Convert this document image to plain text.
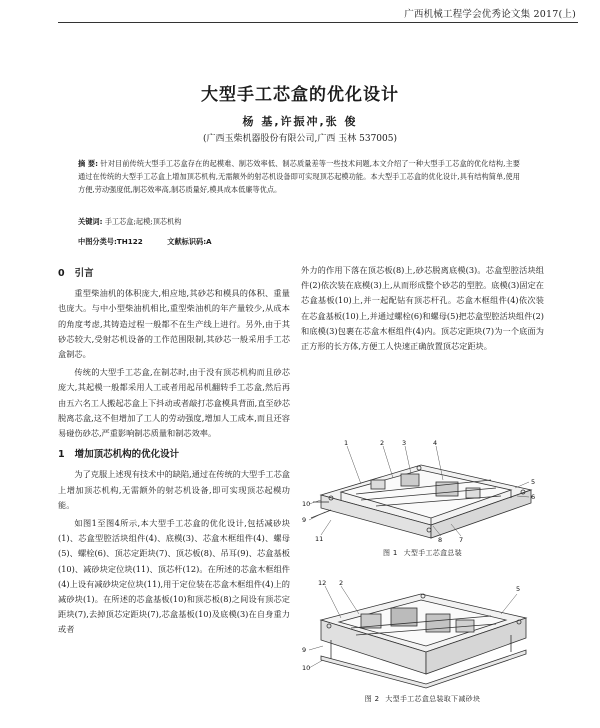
广西机械工程学会优秀论文集 2017(上)
大型手工芯盒的优化设计
杨 基,许振冲,张 俊
(广西玉柴机器股份有限公司,广西 玉林 537005)
摘 要: 针对目前传统大型手工芯盒存在的起模难、制芯效率低、制芯质量差等一些技术问题,本文介绍了一种大型手工芯盒的优化结构,主要通过在传统的大型手工芯盒上增加顶芯机构,无需额外的射芯机设备即可实现顶芯起模功能。本大型手工芯盒的优化设计,具有结构简单,使用方便,劳动强度低,制芯效率高,制芯质量好,模具成本低廉等优点。
关键词: 手工芯盒;起模;顶芯机构
中图分类号:TH122	文献标识码:A
0 引言

重型柴油机的体积庞大,相应地,其砂芯和模具的体积、重量也庞大。与中小型柴油机相比,重型柴油机的年产量较少,从成本的角度考虑,其铸造过程一般都不在生产线上进行。另外,由于其砂芯较大,受射芯机设备的工作范围限制,其砂芯一般采用手工芯盒制芯。

传统的大型手工芯盒,在制芯时,由于没有顶芯机构而且砂芯庞大,其起模一般都采用人工或者用起吊机翻转手工芯盒,然后再由五六名工人搬起芯盒上下抖动或者敲打芯盒模具背面,直至砂芯脱离芯盒,这不但增加了工人的劳动强度,增加人工成本,而且还容易碰伤砂芯,严重影响制芯质量和制芯效率。

1 增加顶芯机构的优化设计

为了克服上述现有技术中的缺陷,通过在传统的大型手工芯盒上增加顶芯机构,无需额外的射芯机设备,即可实现顶芯起模功能。

如图1至图4所示,本大型手工芯盒的优化设计,包括减砂块(1)、芯盒型腔活块组件(4)、底模(3)、芯盒木框组件(4)、螺母(5)、螺栓(6)、顶芯定距块(7)、顶芯板(8)、吊耳(9)、芯盒基板(10)、减砂块定位块(11)、顶芯杆(12)。在所述的芯盒木框组件(4)上设有减砂块定位块(11),用于定位装在芯盒木框组件(4)上的减砂块(1)。在所述的芯盒基板(10)和顶芯板(8)之间设有顶芯定距块(7),去掉顶芯定距块(7),芯盒基板(10)及底模(3)在自身重力或者

外力的作用下落在顶芯板(8)上,砂芯脱离底模(3)。芯盒型腔活块组件(2)依次装在底模(3)上,从而形成整个砂芯的型腔。底模(3)固定在芯盒基板(10)上,并一起配钻有顶芯杆孔。芯盒木框组件(4)依次装在芯盒基板(10)上,并通过螺栓(6)和螺母(5)把芯盒型腔活块组件(2)和底模(3)包裹在芯盒木框组件(4)内。顶芯定距块(7)为一个底面为正方形的长方体,方便工人快速正确放置顶芯定距块。

1	2	3	4
5
6
7
8
9
10
11
图 1 大型手工芯盒总装
12 2
5
9
10
图 2 大型手工芯盒总装取下减砂块
